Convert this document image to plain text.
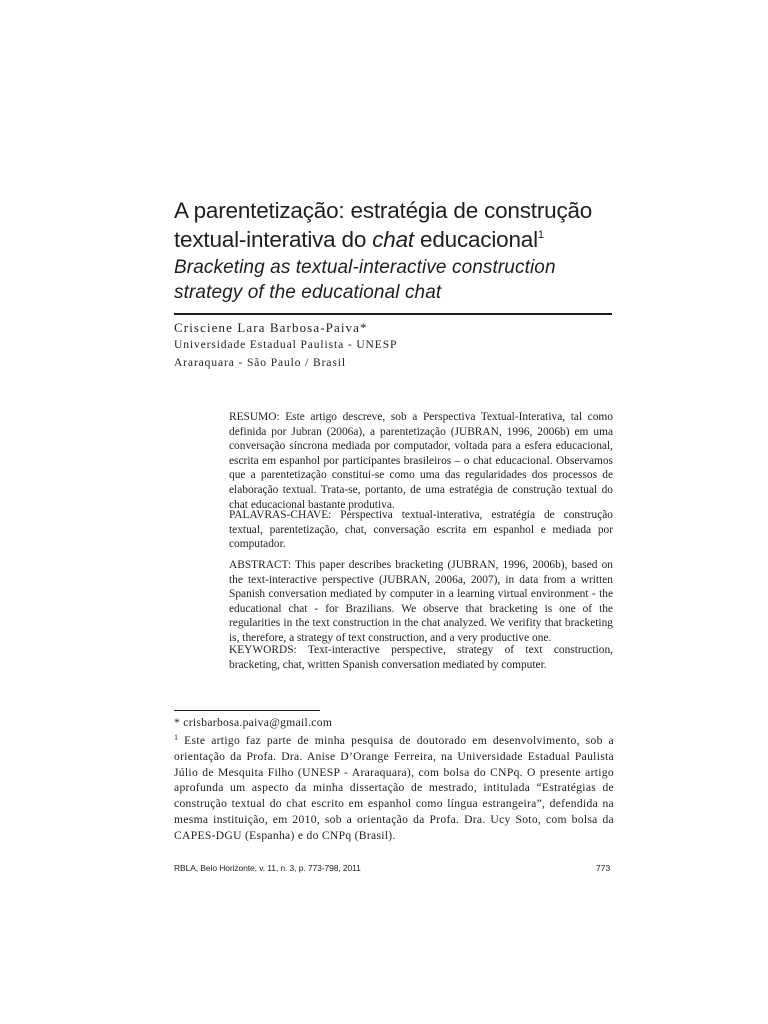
A parentetização: estratégia de construção textual-interativa do chat educacional$^1$
Bracketing as textual-interactive construction
strategy of the educational chat
Crisciene Lara Barbosa-Paiva*
Universidade Estadual Paulista - UNESP
Araraquara - São Paulo / Brasil

RESUMO: Este artigo descreve, sob a Perspectiva Textual-Interativa, tal como definida por Jubran (2006a), a parentetização (JUBRAN, 1996, 2006b) em uma conversação síncrona mediada por computador, voltada para a esfera educacional, escrita em espanhol por participantes brasileiros – o chat educacional. Observamos que a parentetização constitui-se como uma das regularidades dos processos de elaboração textual. Trata-se, portanto, de uma estratégia de construção textual do chat educacional bastante produtiva.

PALAVRAS-CHAVE: Perspectiva textual-interativa, estratégia de construção textual, parentetização, chat, conversação escrita em espanhol e mediada por computador.

ABSTRACT: This paper describes bracketing (JUBRAN, 1996, 2006b), based on the text-interactive perspective (JUBRAN, 2006a, 2007), in data from a written Spanish conversation mediated by computer in a learning virtual environment - the educational chat - for Brazilians. We observe that bracketing is one of the regularities in the text construction in the chat analyzed. We verifity that bracketing is, therefore, a strategy of text construction, and a very productive one.

KEYWORDS: Text-interactive perspective, strategy of text construction, bracketing, chat, written Spanish conversation mediated by computer.

* crisbarbosa.paiva@gmail.com

$^1$ Este artigo faz parte de minha pesquisa de doutorado em desenvolvimento, sob a orientação da Profa. Dra. Anise D’Orange Ferreira, na Universidade Estadual Paulista Júlio de Mesquita Filho (UNESP - Araraquara), com bolsa do CNPq. O presente artigo aprofunda um aspecto da minha dissertação de mestrado, intitulada “Estratégias de construção textual do chat escrito em espanhol como língua estrangeira”, defendida na mesma instituição, em 2010, sob a orientação da Profa. Dra. Ucy Soto, com bolsa da CAPES-DGU (Espanha) e do CNPq (Brasil).

RBLA, Belo Horizonte, v. 11, n. 3, p. 773-798, 2011	773
